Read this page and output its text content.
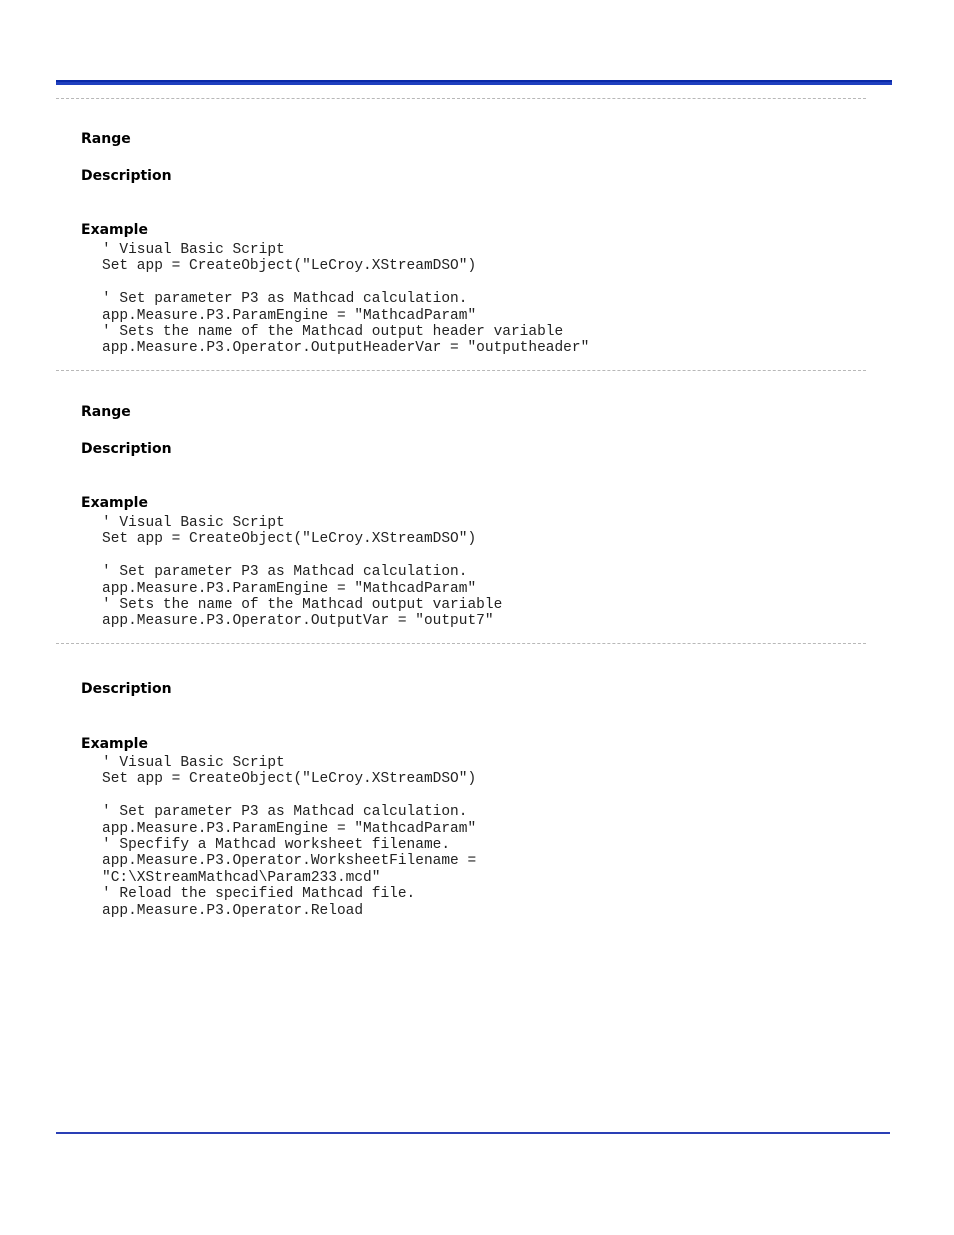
Range
Description
Example
' Visual Basic Script
Set app = CreateObject("LeCroy.XStreamDSO")
' Set parameter P3 as Mathcad calculation.
app.Measure.P3.ParamEngine = "MathcadParam"
' Sets the name of the Mathcad output header variable
app.Measure.P3.Operator.OutputHeaderVar = "outputheader"
Range
Description
Example
' Visual Basic Script
Set app = CreateObject("LeCroy.XStreamDSO")
' Set parameter P3 as Mathcad calculation.
app.Measure.P3.ParamEngine = "MathcadParam"
' Sets the name of the Mathcad output variable
app.Measure.P3.Operator.OutputVar = "output7"
Description
Example
' Visual Basic Script
Set app = CreateObject("LeCroy.XStreamDSO")
' Set parameter P3 as Mathcad calculation.
app.Measure.P3.ParamEngine = "MathcadParam"
' Specfify a Mathcad worksheet filename.
app.Measure.P3.Operator.WorksheetFilename =
"C:\XStreamMathcad\Param233.mcd"
' Reload the specified Mathcad file.
app.Measure.P3.Operator.Reload
